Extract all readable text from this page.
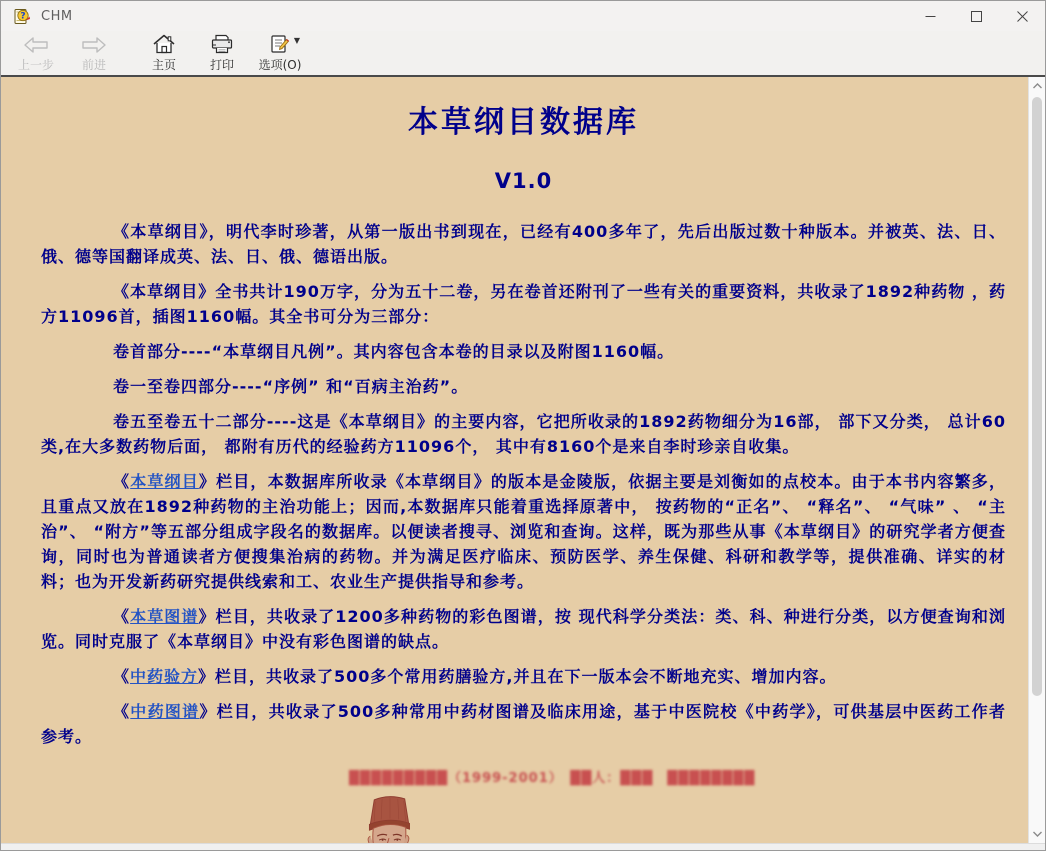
? CHM
上一步 前进	主页	打印
▼
选项(O)
本草纲目数据库
V1.0

《本草纲目》，明代李时珍著，从第一版出书到现在，已经有400多年了，先后出版过数十种版本。并被英、法、日、俄、德等国翻译成英、法、日、俄、德语出版。

《本草纲目》全书共计190万字，分为五十二卷，另在卷首还附刊了一些有关的重要资料，共收录了1892种药物 ，药方11096首，插图1160幅。其全书可分为三部分：

卷首部分----“本草纲目凡例”。其内容包含本卷的目录以及附图1160幅。

卷一至卷四部分----“序例” 和“百病主治药”。

卷五至卷五十二部分----这是《本草纲目》的主要内容，它把所收录的1892药物细分为16部， 部下又分类， 总计60类,在大多数药物后面， 都附有历代的经验药方11096个， 其中有8160个是来自李时珍亲自收集。

《本草纲目》栏目，本数据库所收录《本草纲目》的版本是金陵版，依据主要是刘衡如的点校本。由于本书内容繁多，且重点又放在1892种药物的主治功能上；因而,本数据库只能着重选择原著中， 按药物的“正名”、 “释名”、 “气味” 、 “主治”、 “附方”等五部分组成字段名的数据库。以便读者搜寻、浏览和查询。这样，既为那些从事《本草纲目》的研究学者方便查询，同时也为普通读者方便搜集治病的药物。并为满足医疗临床、预防医学、养生保健、科研和教学等，提供准确、详实的材料；也为开发新药研究提供线索和工、农业生产提供指导和参考。

《本草图谱》栏目，共收录了1200多种药物的彩色图谱，按 现代科学分类法：类、科、种进行分类，以方便查询和浏览。同时克服了《本草纲目》中没有彩色图谱的缺点。

《中药验方》栏目，共收录了500多个常用药膳验方,并且在下一版本会不断地充实、增加内容。

《中药图谱》栏目，共收录了500多种常用中药材图谱及临床用途，基于中医院校《中药学》，可供基层中医药工作者参考。

█████████（1999-2001）　██人：███　████████
